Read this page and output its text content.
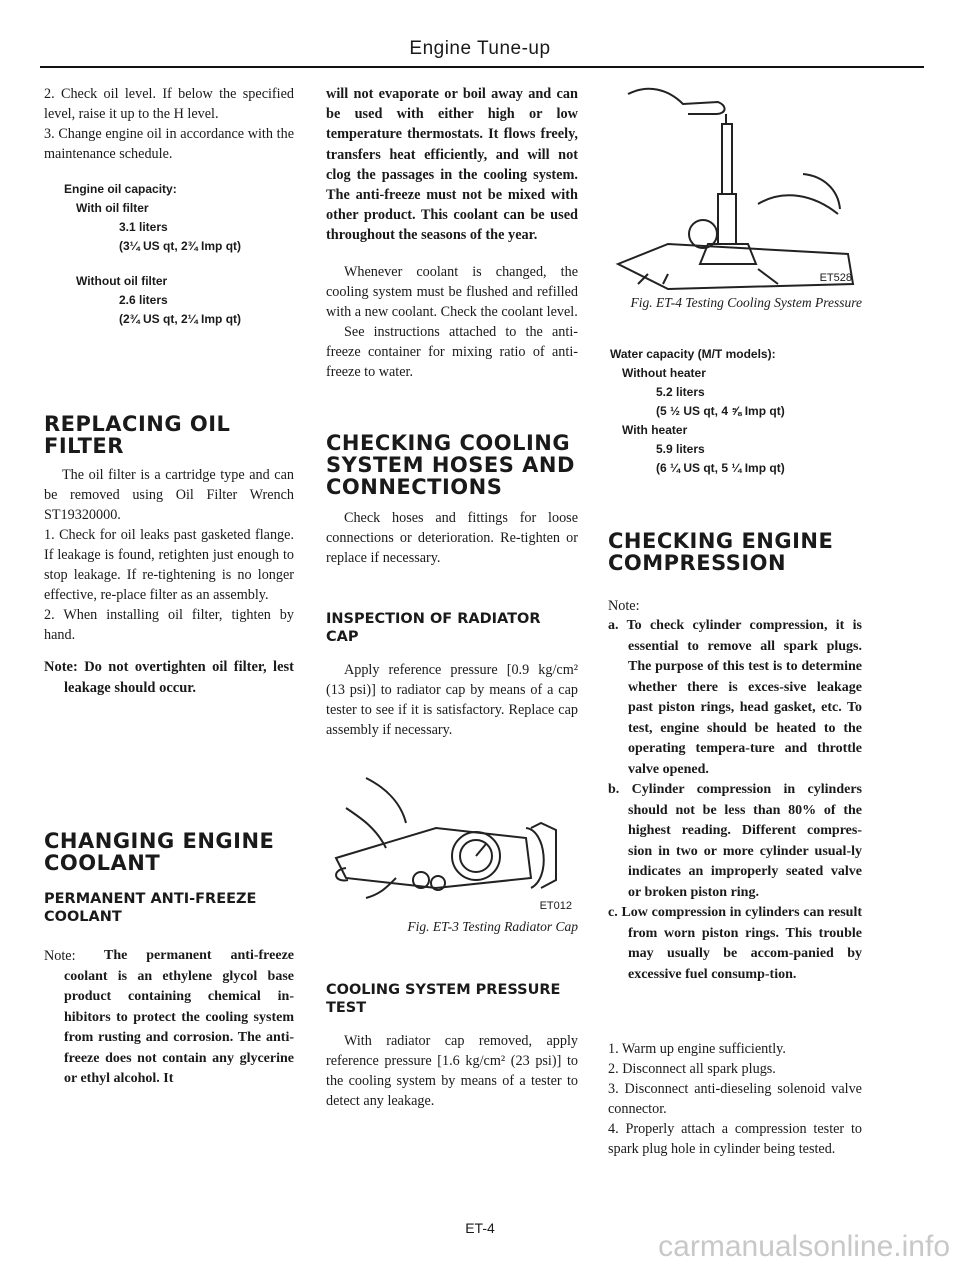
Engine Tune-up

2. Check oil level. If below the specified level, raise it up to the H level.

3. Change engine oil in accordance with the maintenance schedule.

Engine oil capacity:
With oil filter
3.1 liters
(3¼ US qt, 2¾ Imp qt)
Without oil filter
2.6 liters
(2¾ US qt, 2¼ Imp qt)
REPLACING OIL FILTER

The oil filter is a cartridge type and can be removed using Oil Filter Wrench ST19320000.

1. Check for oil leaks past gasketed flange. If leakage is found, retighten just enough to stop leakage. If re-tightening is no longer effective, re-place filter as an assembly.

2. When installing oil filter, tighten by hand.

Note: Do not overtighten oil filter, lest leakage should occur.

CHANGING ENGINE COOLANT
PERMANENT ANTI-FREEZE COOLANT
Note:	The permanent anti-freeze coolant is an ethylene glycol base product containing chemical in-hibitors to protect the cooling system from rusting and corrosion. The anti-freeze does not contain any glycerine or ethyl alcohol. It

will not evaporate or boil away and can be used with either high or low temperature thermostats. It flows freely, transfers heat efficiently, and will not clog the passages in the cooling system. The anti-freeze must not be mixed with other product. This coolant can be used throughout the seasons of the year.

Whenever coolant is changed, the cooling system must be flushed and refilled with a new coolant. Check the coolant level.

See instructions attached to the anti-freeze container for mixing ratio of anti-freeze to water.

CHECKING COOLING SYSTEM HOSES AND CONNECTIONS

Check hoses and fittings for loose connections or deterioration. Re-tighten or replace if necessary.

INSPECTION OF RADIATOR CAP

Apply reference pressure [0.9 kg/cm² (13 psi)] to radiator cap by means of a cap tester to see if it is satisfactory. Replace cap assembly if necessary.

ET012
Fig. ET-3 Testing Radiator Cap
COOLING SYSTEM PRESSURE TEST

With radiator cap removed, apply reference pressure [1.6 kg/cm² (23 psi)] to the cooling system by means of a tester to detect any leakage.

ET528
Fig. ET-4 Testing Cooling System Pressure
Water capacity (M/T models):
Without heater
5.2 liters
(5 ½ US qt, 4 ⅝ Imp qt)
With heater
5.9 liters
(6 ¼ US qt, 5 ¼ Imp qt)
CHECKING ENGINE COMPRESSION

Note:

a. To check cylinder compression, it is essential to remove all spark plugs. The purpose of this test is to determine whether there is exces-sive leakage past piston rings, head gasket, etc. To test, engine should be heated to the operating tempera-ture and throttle valve opened.

b. Cylinder compression in cylinders should not be less than 80% of the highest reading. Different compres-sion in two or more cylinder usual-ly indicates an improperly seated valve or broken piston ring.

c. Low compression in cylinders can result from worn piston rings. This trouble may usually be accom-panied by excessive fuel consump-tion.

1. Warm up engine sufficiently.

2. Disconnect all spark plugs.

3. Disconnect anti-dieseling solenoid valve connector.

4. Properly attach a compression tester to spark plug hole in cylinder being tested.

ET-4
carmanualsonline.info
